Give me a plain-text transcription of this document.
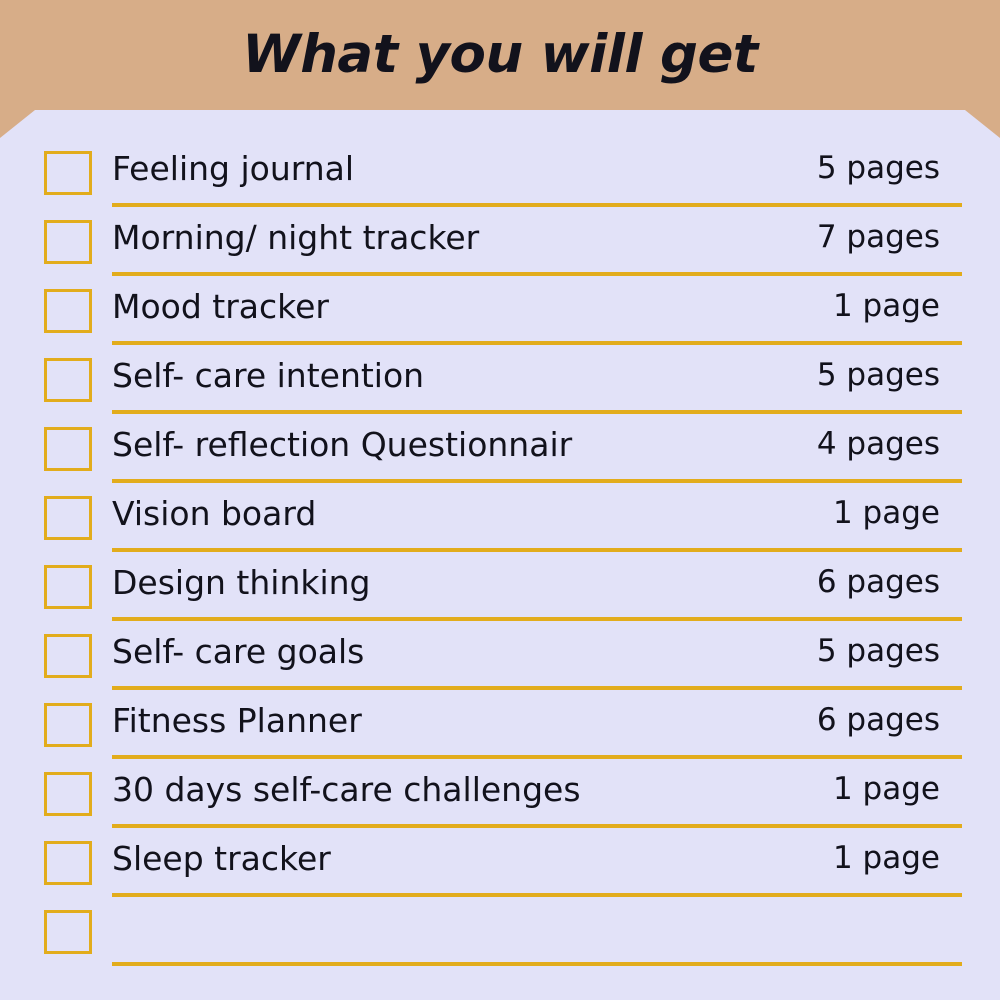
What you will get
Feeling journal	5 pages
Morning/ night tracker	7 pages
Mood tracker	1 page
Self- care intention	5 pages
Self- reflection Questionnair	4 pages
Vision board	1 page
Design thinking	6 pages
Self- care goals	5 pages
Fitness Planner	6 pages
30 days self-care challenges	1 page
Sleep tracker	1 page
